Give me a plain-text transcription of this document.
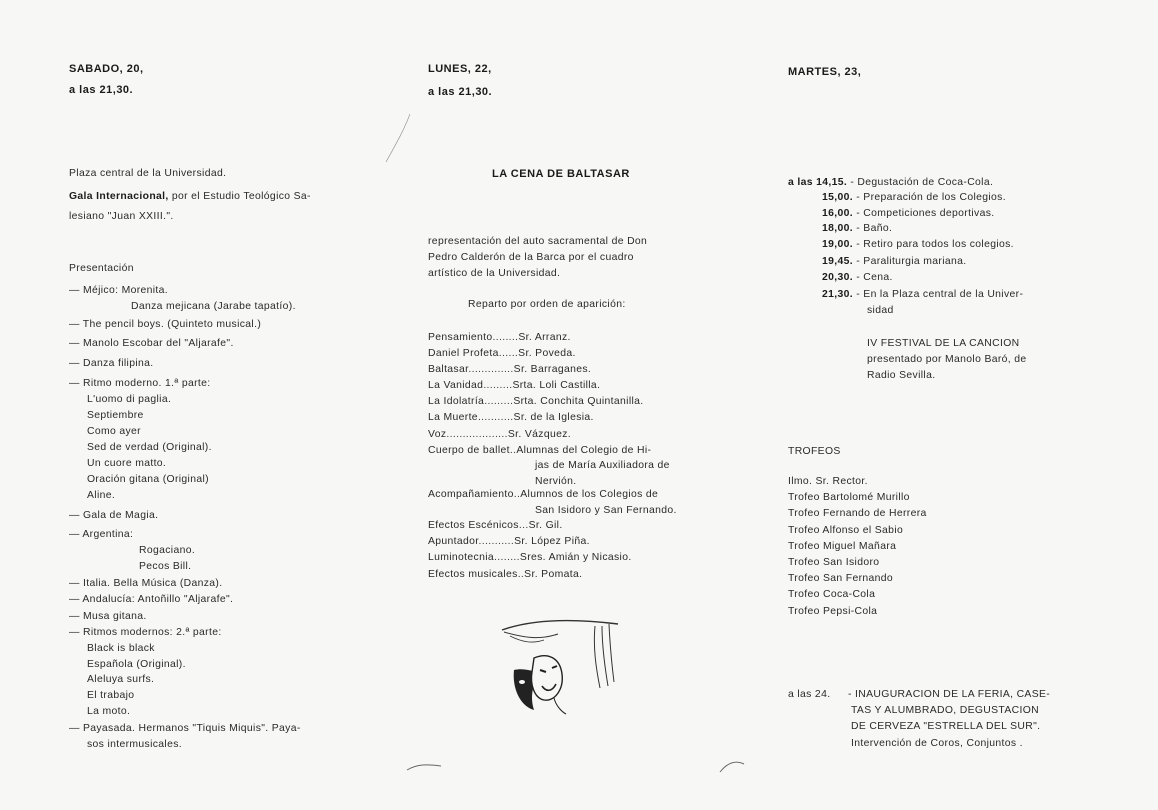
SABADO, 20,
a las 21,30.
Plaza central de la Universidad.
Gala Internacional, por el Estudio Teológico Sa-
lesiano "Juan XXIII.".
Presentación
— Méjico: Morenita.
Danza mejicana (Jarabe tapatío).
— The pencil boys. (Quinteto musical.)
— Manolo Escobar del "Aljarafe".
— Danza filipina.
— Ritmo moderno. 1.ª parte:
L'uomo di paglia.
Septiembre
Como ayer
Sed de verdad (Original).
Un cuore matto.
Oración gitana (Original)
Aline.
— Gala de Magia.
— Argentina:
Rogaciano.
Pecos Bill.
— Italia. Bella Música (Danza).
— Andalucía: Antoñillo "Aljarafe".
— Musa gitana.
— Ritmos modernos: 2.ª parte:
Black is black
Española (Original).
Aleluya surfs.
El trabajo
La moto.
— Payasada. Hermanos "Tiquis Miquis". Paya-
sos intermusicales.
LUNES, 22,
a las 21,30.
LA CENA DE BALTASAR
representación del auto sacramental de Don
Pedro Calderón de la Barca por el cuadro
artístico de la Universidad.
Reparto por orden de aparición:
Pensamiento........Sr. Arranz.
Daniel Profeta......Sr. Poveda.
Baltasar..............Sr. Barraganes.
La Vanidad.........Srta. Loli Castilla.
La Idolatría.........Srta. Conchita Quintanilla.
La Muerte...........Sr. de la Iglesia.
Voz...................Sr. Vázquez.
Cuerpo de ballet..Alumnas del Colegio de Hi-
jas de María Auxiliadora de
Nervión.
Acompañamiento..Alumnos de los Colegios de
San Isidoro y San Fernando.
Efectos Escénicos...Sr. Gil.
Apuntador...........Sr. López Piña.
Luminotecnia........Sres. Amián y Nicasio.
Efectos musicales..Sr. Pomata.
MARTES, 23,
a las 14,15. - Degustación de Coca-Cola.
15,00. - Preparación de los Colegios.
16,00. - Competiciones deportivas.
18,00. - Baño.
19,00. - Retiro para todos los colegios.
19,45. - Paraliturgia mariana.
20,30. - Cena.
21,30. - En la Plaza central de la Univer-
sidad
IV FESTIVAL DE LA CANCION
presentado por Manolo Baró, de
Radio Sevilla.
TROFEOS
Ilmo. Sr. Rector.
Trofeo Bartolomé Murillo
Trofeo Fernando de Herrera
Trofeo Alfonso el Sabio
Trofeo Miguel Mañara
Trofeo San Isidoro
Trofeo San Fernando
Trofeo Coca-Cola
Trofeo Pepsi-Cola
a las 24. - INAUGURACION DE LA FERIA, CASE-
TAS Y ALUMBRADO, DEGUSTACION
DE CERVEZA "ESTRELLA DEL SUR".
Intervención de Coros, Conjuntos .
